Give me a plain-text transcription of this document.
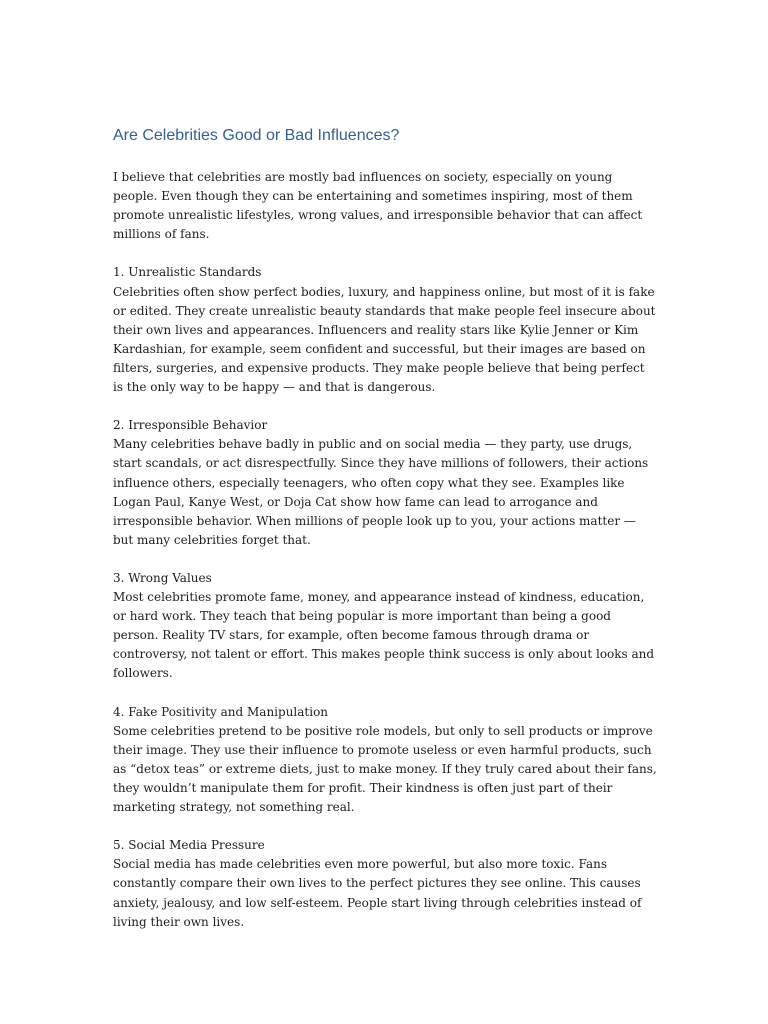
Are Celebrities Good or Bad Influences?

I believe that celebrities are mostly bad influences on society, especially on young people. Even though they can be entertaining and sometimes inspiring, most of them promote unrealistic lifestyles, wrong values, and irresponsible behavior that can affect millions of fans.

1. Unrealistic Standards

Celebrities often show perfect bodies, luxury, and happiness online, but most of it is fake or edited. They create unrealistic beauty standards that make people feel insecure about their own lives and appearances. Influencers and reality stars like Kylie Jenner or Kim Kardashian, for example, seem confident and successful, but their images are based on filters, surgeries, and expensive products. They make people believe that being perfect is the only way to be happy — and that is dangerous.

2. Irresponsible Behavior

Many celebrities behave badly in public and on social media — they party, use drugs, start scandals, or act disrespectfully. Since they have millions of followers, their actions influence others, especially teenagers, who often copy what they see. Examples like Logan Paul, Kanye West, or Doja Cat show how fame can lead to arrogance and irresponsible behavior. When millions of people look up to you, your actions matter — but many celebrities forget that.

3. Wrong Values

Most celebrities promote fame, money, and appearance instead of kindness, education, or hard work. They teach that being popular is more important than being a good person. Reality TV stars, for example, often become famous through drama or controversy, not talent or effort. This makes people think success is only about looks and followers.

4. Fake Positivity and Manipulation

Some celebrities pretend to be positive role models, but only to sell products or improve their image. They use their influence to promote useless or even harmful products, such as “detox teas” or extreme diets, just to make money. If they truly cared about their fans, they wouldn’t manipulate them for profit. Their kindness is often just part of their marketing strategy, not something real.

5. Social Media Pressure

Social media has made celebrities even more powerful, but also more toxic. Fans constantly compare their own lives to the perfect pictures they see online. This causes anxiety, jealousy, and low self-esteem. People start living through celebrities instead of living their own lives.
